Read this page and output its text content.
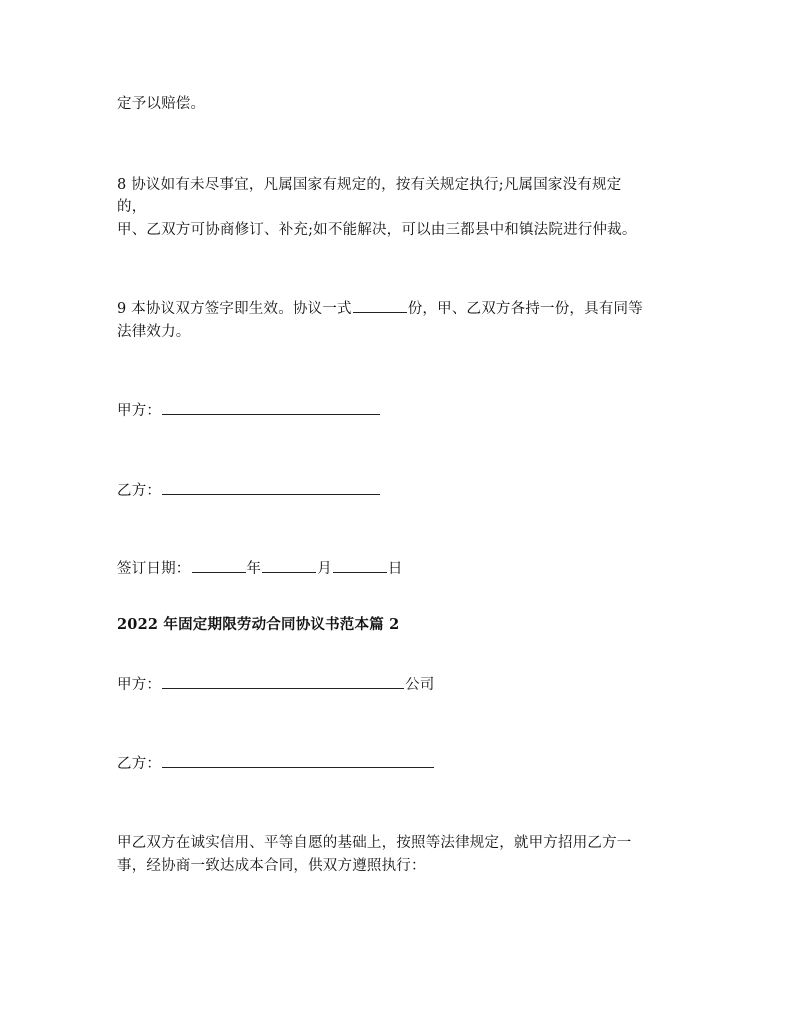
定予以赔偿。

8 协议如有未尽事宜，凡属国家有规定的，按有关规定执行;凡属国家没有规定

的，

甲、乙双方可协商修订、补充;如不能解决，可以由三都县中和镇法院进行仲裁。

9 本协议双方签字即生效。协议一式	份，甲、乙双方各持一份，具有同等

法律效力。

甲方：

乙方：

签订日期：	年	月	日

2022 年固定期限劳动合同协议书范本篇 2

甲方：	公司

乙方：

甲乙双方在诚实信用、平等自愿的基础上，按照等法律规定，就甲方招用乙方一

事，经协商一致达成本合同，供双方遵照执行：
